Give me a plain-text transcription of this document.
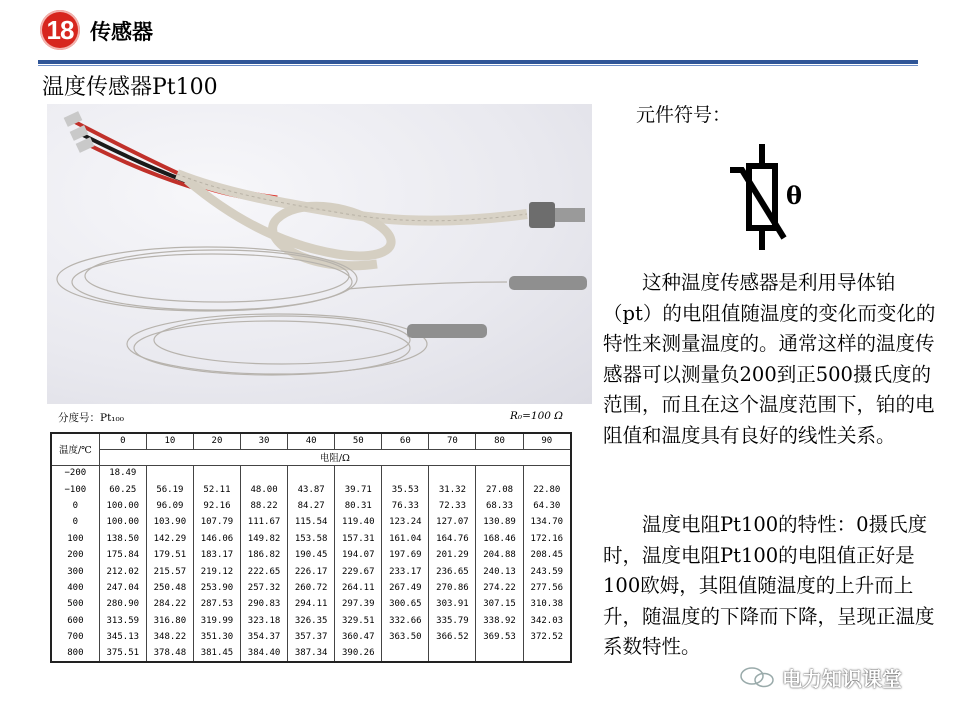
18 传感器
温度传感器Pt100
元件符号：
θ
这种温度传感器是利用导体铂（pt）的电阻值随温度的变化而变化的特性来测量温度的。通常这样的温度传感器可以测量负200到正500摄氏度的范围，而且在这个温度范围下，铂的电阻值和温度具有良好的线性关系。
温度电阻Pt100的特性：0摄氏度时，温度电阻Pt100的电阻值正好是100欧姆，其阻值随温度的上升而上升，随温度的下降而下降，呈现正温度系数特性。
分度号：Pt₁₀₀	R₀=100 Ω
温度/℃	0	10	20	30	40	50	60	70	80	90
	电阻/Ω									
−200	18.49									
−100	60.25	56.19	52.11	48.00	43.87	39.71	35.53	31.32	27.08	22.80
0	100.00	96.09	92.16	88.22	84.27	80.31	76.33	72.33	68.33	64.30
0	100.00	103.90	107.79	111.67	115.54	119.40	123.24	127.07	130.89	134.70
100	138.50	142.29	146.06	149.82	153.58	157.31	161.04	164.76	168.46	172.16
200	175.84	179.51	183.17	186.82	190.45	194.07	197.69	201.29	204.88	208.45
300	212.02	215.57	219.12	222.65	226.17	229.67	233.17	236.65	240.13	243.59
400	247.04	250.48	253.90	257.32	260.72	264.11	267.49	270.86	274.22	277.56
500	280.90	284.22	287.53	290.83	294.11	297.39	300.65	303.91	307.15	310.38
600	313.59	316.80	319.99	323.18	326.35	329.51	332.66	335.79	338.92	342.03
700	345.13	348.22	351.30	354.37	357.37	360.47	363.50	366.52	369.53	372.52
800	375.51	378.48	381.45	384.40	387.34	390.26				
电力知识课堂
